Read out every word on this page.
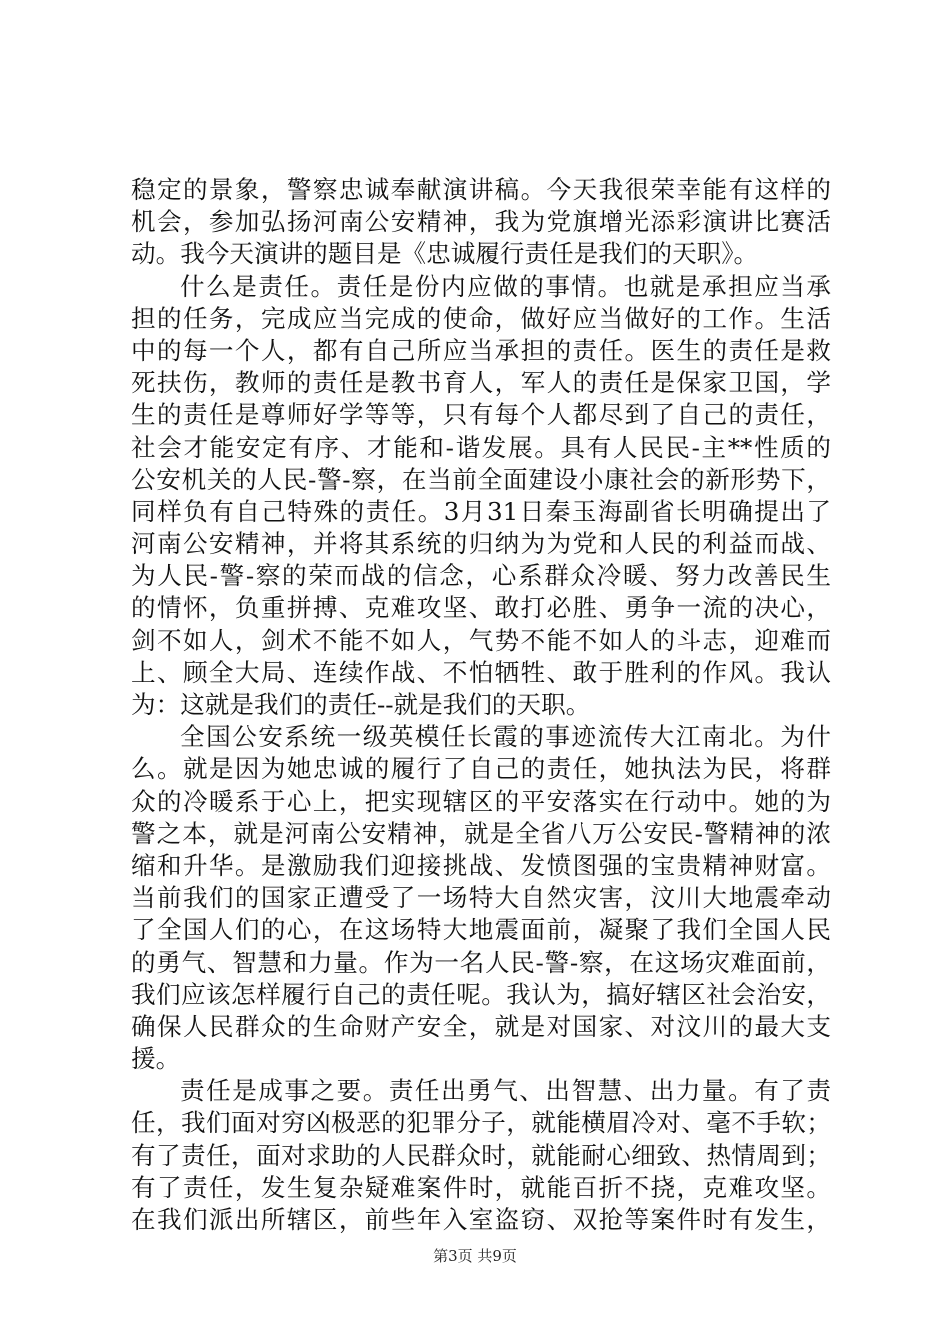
稳定的景象，警察忠诚奉献演讲稿。今天我很荣幸能有这样的
机会，参加弘扬河南公安精神，我为党旗增光添彩演讲比赛活
动。我今天演讲的题目是《忠诚履行责任是我们的天职》。
什么是责任。责任是份内应做的事情。也就是承担应当承
担的任务，完成应当完成的使命，做好应当做好的工作。生活
中的每一个人，都有自己所应当承担的责任。医生的责任是救
死扶伤，教师的责任是教书育人，军人的责任是保家卫国，学
生的责任是尊师好学等等，只有每个人都尽到了自己的责任，
社会才能安定有序、才能和-谐发展。具有人民民-主**性质的
公安机关的人民-警-察，在当前全面建设小康社会的新形势下，
同样负有自己特殊的责任。3月31日秦玉海副省长明确提出了
河南公安精神，并将其系统的归纳为为党和人民的利益而战、
为人民-警-察的荣而战的信念，心系群众冷暖、努力改善民生
的情怀，负重拼搏、克难攻坚、敢打必胜、勇争一流的决心，
剑不如人，剑术不能不如人，气势不能不如人的斗志，迎难而
上、顾全大局、连续作战、不怕牺牲、敢于胜利的作风。我认
为：这就是我们的责任--就是我们的天职。
全国公安系统一级英模任长霞的事迹流传大江南北。为什
么。就是因为她忠诚的履行了自己的责任，她执法为民，将群
众的冷暖系于心上，把实现辖区的平安落实在行动中。她的为
警之本，就是河南公安精神，就是全省八万公安民-警精神的浓
缩和升华。是激励我们迎接挑战、发愤图强的宝贵精神财富。
当前我们的国家正遭受了一场特大自然灾害，汶川大地震牵动
了全国人们的心，在这场特大地震面前，凝聚了我们全国人民
的勇气、智慧和力量。作为一名人民-警-察，在这场灾难面前，
我们应该怎样履行自己的责任呢。我认为，搞好辖区社会治安，
确保人民群众的生命财产安全，就是对国家、对汶川的最大支
援。
责任是成事之要。责任出勇气、出智慧、出力量。有了责
任，我们面对穷凶极恶的犯罪分子，就能横眉冷对、毫不手软；
有了责任，面对求助的人民群众时，就能耐心细致、热情周到；
有了责任，发生复杂疑难案件时，就能百折不挠，克难攻坚。
在我们派出所辖区，前些年入室盗窃、双抢等案件时有发生，
第3页 共9页
